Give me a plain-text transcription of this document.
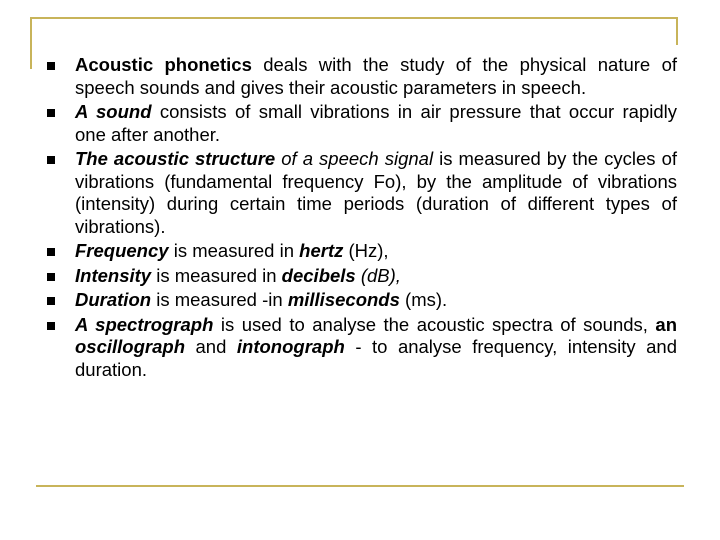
Acoustic phonetics deals with the study of the physical nature of speech sounds and gives their acoustic parameters in speech.
A sound consists of small vibrations in air pressure that occur rapidly one after another.
The acoustic structure of a speech signal is measured by the cycles of vibrations (fundamental frequency Fo), by the amplitude of vibrations (intensity) during certain time periods (duration of different types of vibrations).
Frequency is measured in hertz (Hz),
Intensity is measured in decibels (dB),
Duration is measured -in milliseconds (ms).
A spectrograph is used to analyse the acoustic spectra of sounds, an oscillograph and intonograph - to analyse frequency, intensity and duration.
